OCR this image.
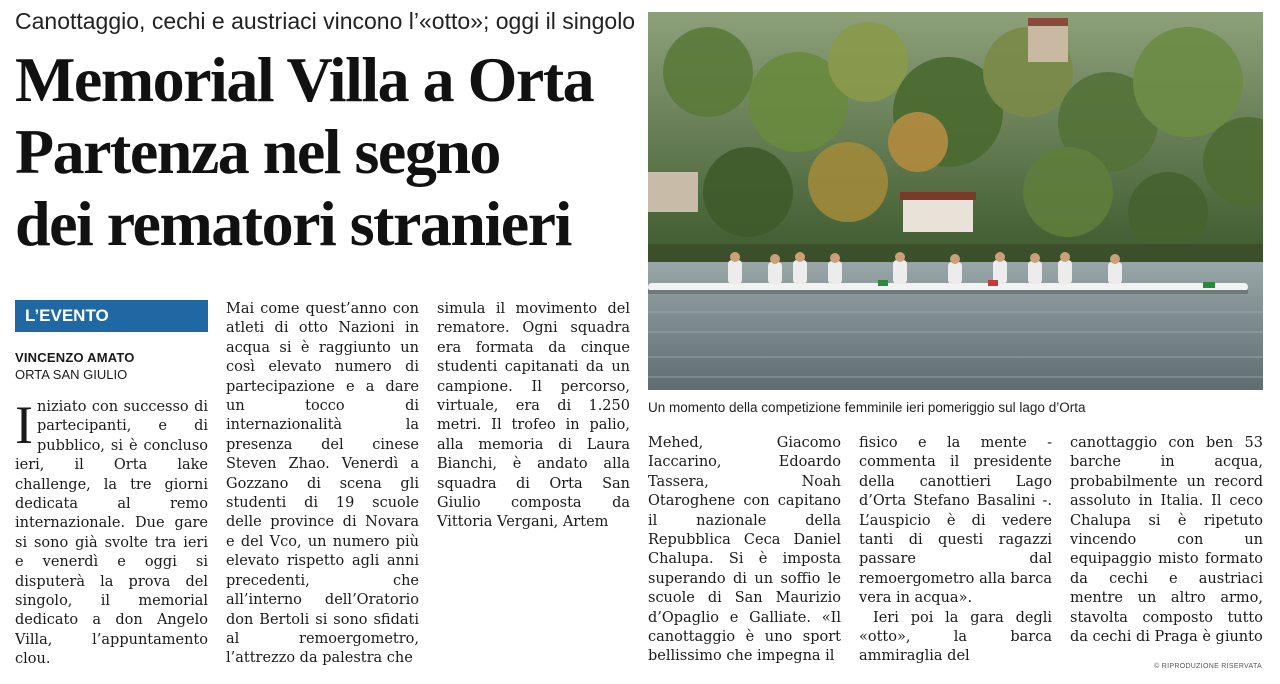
Canottaggio, cechi e austriaci vincono l’«otto»; oggi il singolo
Memorial Villa a Orta
Partenza nel segno
dei rematori stranieri
L’EVENTO
VINCENZO AMATO
ORTA SAN GIULIO

Iniziato con successo di partecipanti, e di pubblico, si è concluso ieri, il Orta lake challenge, la tre giorni dedicata al remo internazionale. Due gare si sono già svolte tra ieri e venerdì e oggi si disputerà la prova del singolo, il memorial dedicato a don Angelo Villa, l’appuntamento clou.

Mai come quest’anno con atleti di otto Nazioni in acqua si è raggiunto un così elevato numero di partecipazione e a dare un tocco di internazionalità la presenza del cinese Steven Zhao. Venerdì a Gozzano di scena gli studenti di 19 scuole delle province di Novara e del Vco, un numero più elevato rispetto agli anni precedenti, che all’interno dell’Oratorio don Bertoli si sono sfidati al remoergometro, l’attrezzo da palestra che

simula il movimento del rematore. Ogni squadra era formata da cinque studenti capitanati da un campione. Il percorso, virtuale, era di 1.250 metri. Il trofeo in palio, alla memoria di Laura Bianchi, è andato alla squadra di Orta San Giulio composta da Vittoria Vergani, Artem

Mehed, Giacomo Iaccarino, Edoardo Tassera, Noah Otaroghene con capitano il nazionale della Repubblica Ceca Daniel Chalupa. Si è imposta superando di un soffio le scuole di San Maurizio d’Opaglio e Galliate. «Il canottaggio è uno sport bellissimo che impegna il

fisico e la mente - commenta il presidente della canottieri Lago d’Orta Stefano Basalini -. L’auspicio è di vedere tanti di questi ragazzi passare dal remoergometro alla barca vera in acqua».

Ieri poi la gara degli «otto», la barca ammiraglia del

canottaggio con ben 53 barche in acqua, probabilmente un record assoluto in Italia. Il ceco Chalupa si è ripetuto vincendo con un equipaggio misto formato da cechi e austriaci mentre un altro armo, stavolta composto tutto da cechi di Praga è giunto

Un momento della competizione femminile ieri pomeriggio sul lago d’Orta
© RIPRODUZIONE RISERVATA
